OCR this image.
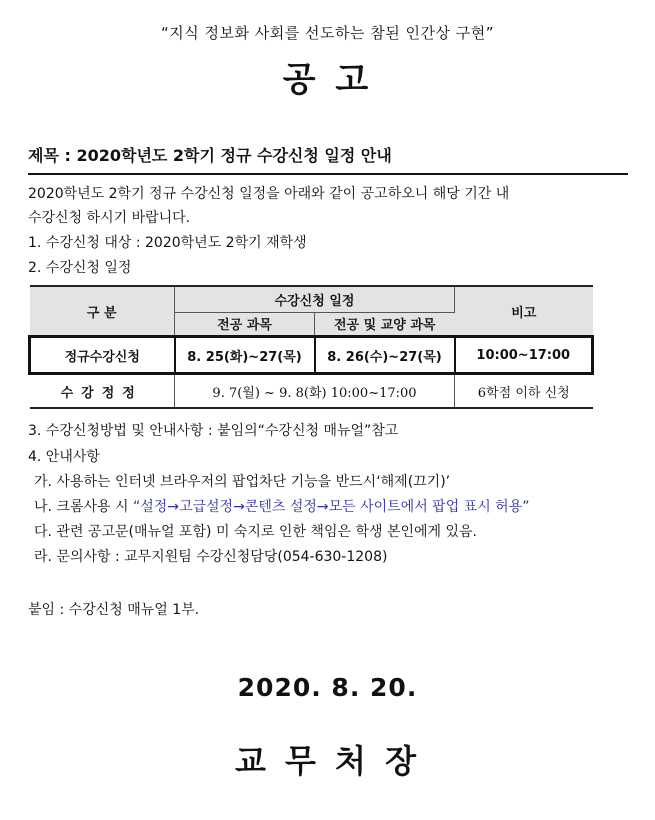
“지식 정보화 사회를 선도하는 참된 인간상 구현”
공 고
제목 : 2020학년도 2학기 정규 수강신청 일정 안내
2020학년도 2학기 정규 수강신청 일정을 아래와 같이 공고하오니 해당 기간 내
수강신청 하시기 바랍니다.
1. 수강신청 대상 : 2020학년도 2학기 재학생
2. 수강신청 일정
구 분	수강신청 일정		비고
	전공 과목	전공 및 교양 과목	
정규수강신청	8. 25(화)~27(목)	8. 26(수)~27(목)	10:00~17:00
수강정정	9. 7(월) ~ 9. 8(화) 10:00~17:00		6학점 이하 신청
3. 수강신청방법 및 안내사항 : 붙임의“수강신청 매뉴얼”참고
4. 안내사항
가. 사용하는 인터넷 브라우저의 팝업차단 기능을 반드시‘해제(끄기)’
나. 크롬사용 시 “설정→고급설정→콘텐츠 설정→모든 사이트에서 팝업 표시 허용”
다. 관련 공고문(매뉴얼 포함) 미 숙지로 인한 책임은 학생 본인에게 있음.
라. 문의사항 : 교무지원팀 수강신청담당(054-630-1208)
붙임 : 수강신청 매뉴얼 1부.
2020. 8. 20.
교 무 처 장
